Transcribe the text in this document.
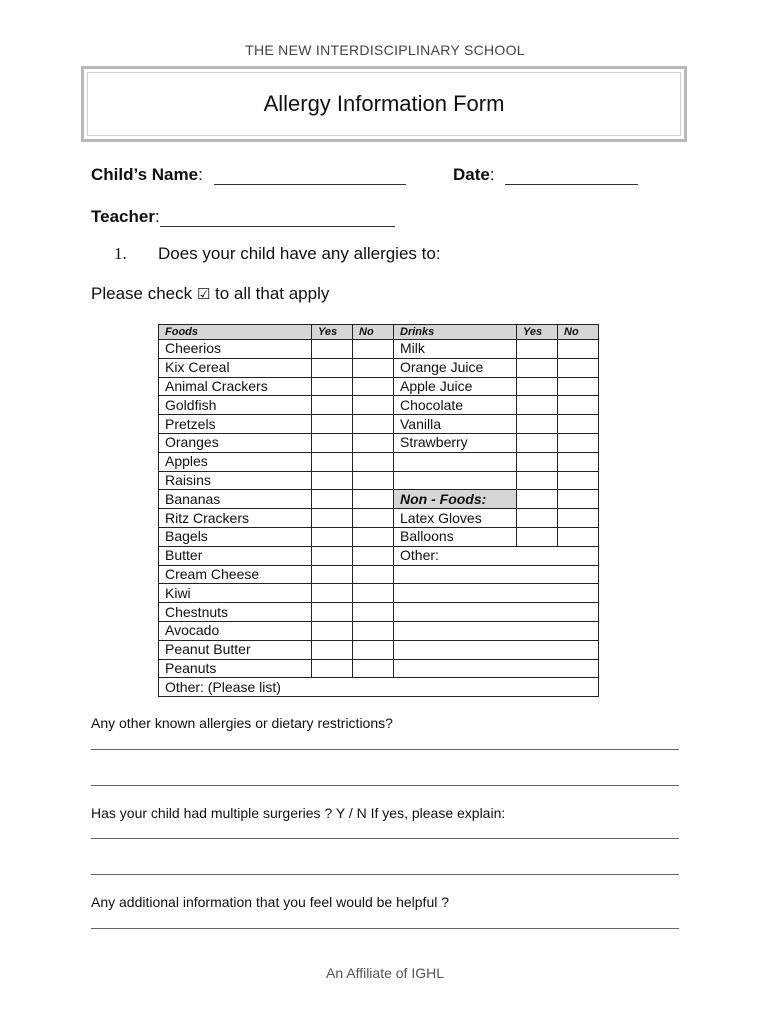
THE NEW INTERDISCIPLINARY SCHOOL
Allergy Information Form
Child’s Name:	Date:
Teacher:
1. Does your child have any allergies to:
Please check ☑ to all that apply
Foods	Yes	No	Drinks	Yes	No
Cheerios			Milk		
Kix Cereal			Orange Juice		
Animal Crackers			Apple Juice		
Goldfish			Chocolate		
Pretzels			Vanilla		
Oranges			Strawberry		
Apples					
Raisins					
Bananas			Non - Foods:		
Ritz Crackers			Latex Gloves		
Bagels			Balloons		
Butter			Other:		
Cream Cheese					
Kiwi					
Chestnuts					
Avocado					
Peanut Butter					
Peanuts					
Other: (Please list)					
Any other known allergies or dietary restrictions?
Has your child had multiple surgeries ? Y / N If yes, please explain:
Any additional information that you feel would be helpful ?
An Affiliate of IGHL
